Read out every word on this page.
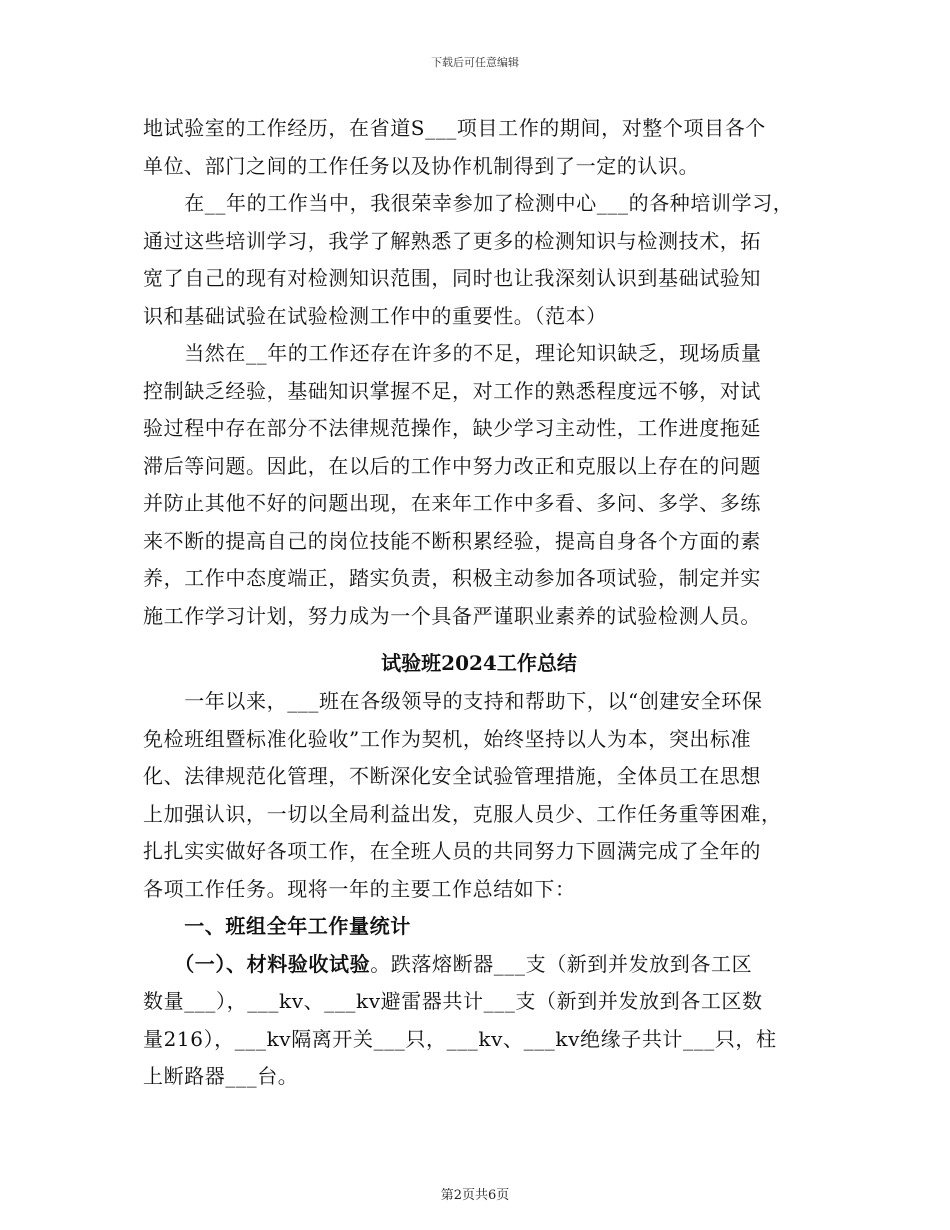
下载后可任意编辑
地试验室的工作经历，在省道S___项目工作的期间，对整个项目各个
单位、部门之间的工作任务以及协作机制得到了一定的认识。
　　在__年的工作当中，我很荣幸参加了检测中心___的各种培训学习，
通过这些培训学习，我学了解熟悉了更多的检测知识与检测技术，拓
宽了自己的现有对检测知识范围，同时也让我深刻认识到基础试验知
识和基础试验在试验检测工作中的重要性。（范本）
　　当然在__年的工作还存在许多的不足，理论知识缺乏，现场质量
控制缺乏经验，基础知识掌握不足，对工作的熟悉程度远不够，对试
验过程中存在部分不法律规范操作，缺少学习主动性，工作进度拖延
滞后等问题。因此，在以后的工作中努力改正和克服以上存在的问题
并防止其他不好的问题出现，在来年工作中多看、多问、多学、多练
来不断的提高自己的岗位技能不断积累经验，提高自身各个方面的素
养，工作中态度端正，踏实负责，积极主动参加各项试验，制定并实
施工作学习计划，努力成为一个具备严谨职业素养的试验检测人员。
试验班2024工作总结
　　一年以来，___班在各级领导的支持和帮助下，以“创建安全环保
免检班组暨标准化验收”工作为契机，始终坚持以人为本，突出标准
化、法律规范化管理，不断深化安全试验管理措施，全体员工在思想
上加强认识，一切以全局利益出发，克服人员少、工作任务重等困难，
扎扎实实做好各项工作，在全班人员的共同努力下圆满完成了全年的
各项工作任务。现将一年的主要工作总结如下：
　　一、班组全年工作量统计
　　（一）、材料验收试验。跌落熔断器___支（新到并发放到各工区
数量___），___kv、___kv避雷器共计___支（新到并发放到各工区数
量216），___kv隔离开关___只，___kv、___kv绝缘子共计___只，柱
上断路器___台。
第2页共6页
